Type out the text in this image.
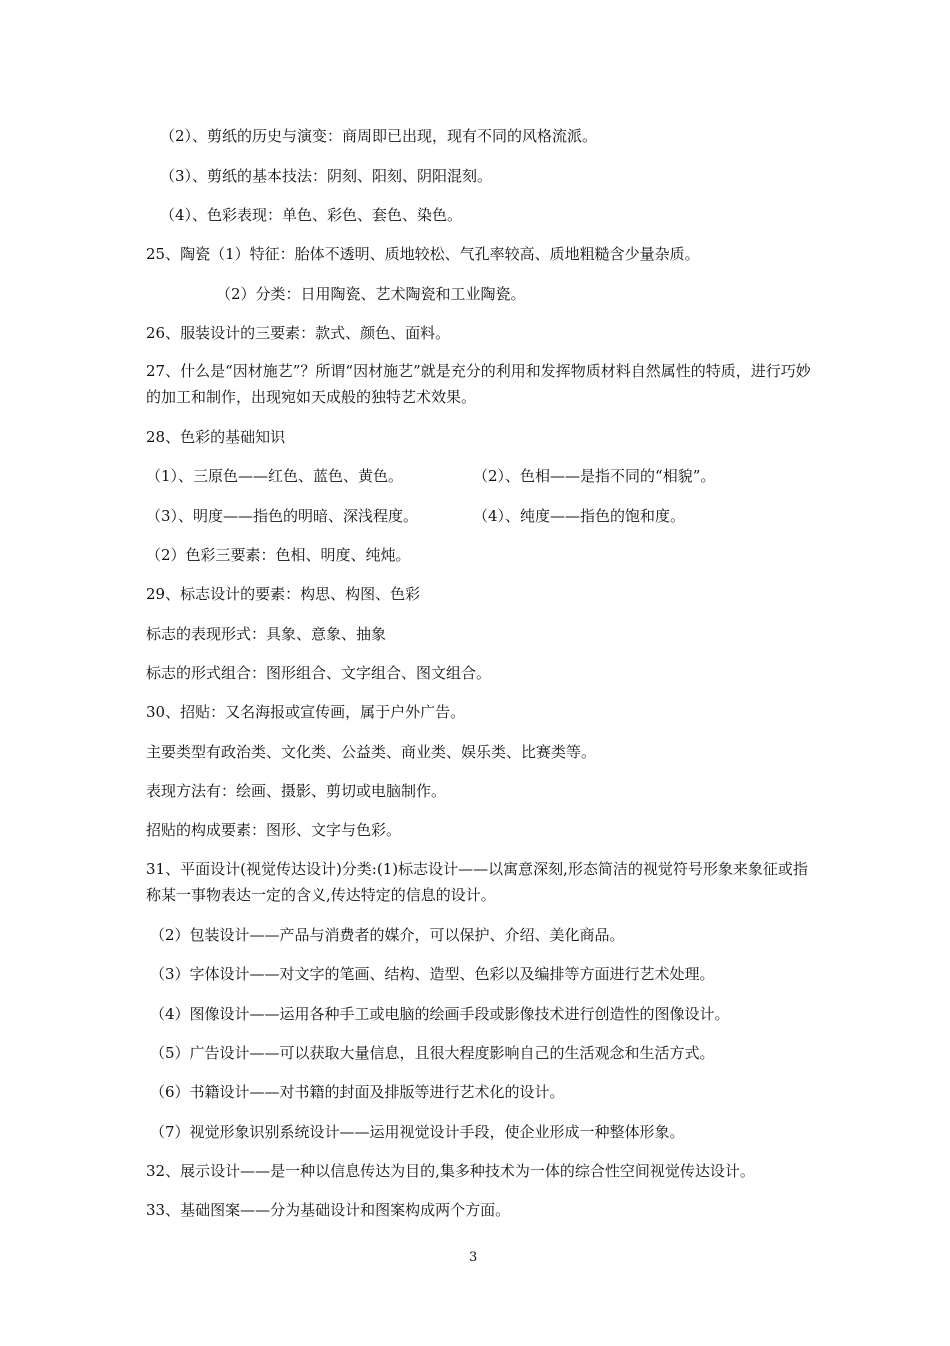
（2）、剪纸的历史与演变：商周即已出现，现有不同的风格流派。
（3）、剪纸的基本技法：阴刻、阳刻、阴阳混刻。
（4）、色彩表现：单色、彩色、套色、染色。
25、陶瓷（1）特征：胎体不透明、质地较松、气孔率较高、质地粗糙含少量杂质。
（2）分类：日用陶瓷、艺术陶瓷和工业陶瓷。
26、服装设计的三要素：款式、颜色、面料。
27、什么是“因材施艺”？所谓“因材施艺”就是充分的利用和发挥物质材料自然属性的特质，进行巧妙的加工和制作，出现宛如天成般的独特艺术效果。
28、色彩的基础知识
（1）、三原色——红色、蓝色、黄色。	（2）、色相——是指不同的“相貌”。
（3）、明度——指色的明暗、深浅程度。	（4）、纯度——指色的饱和度。
（2）色彩三要素：色相、明度、纯炖。
29、标志设计的要素：构思、构图、色彩
标志的表现形式：具象、意象、抽象
标志的形式组合：图形组合、文字组合、图文组合。
30、招贴：又名海报或宣传画，属于户外广告。
主要类型有政治类、文化类、公益类、商业类、娱乐类、比赛类等。
表现方法有：绘画、摄影、剪切或电脑制作。
招贴的构成要素：图形、文字与色彩。
31、平面设计(视觉传达设计)分类:(1)标志设计——以寓意深刻,形态简洁的视觉符号形象来象征或指称某一事物表达一定的含义,传达特定的信息的设计。
（2）包装设计——产品与消费者的媒介，可以保护、介绍、美化商品。
（3）字体设计——对文字的笔画、结构、造型、色彩以及编排等方面进行艺术处理。
（4）图像设计——运用各种手工或电脑的绘画手段或影像技术进行创造性的图像设计。
（5）广告设计——可以获取大量信息，且很大程度影响自己的生活观念和生活方式。
（6）书籍设计——对书籍的封面及排版等进行艺术化的设计。
（7）视觉形象识别系统设计——运用视觉设计手段，使企业形成一种整体形象。
32、展示设计——是一种以信息传达为目的,集多种技术为一体的综合性空间视觉传达设计。
33、基础图案——分为基础设计和图案构成两个方面。
3
